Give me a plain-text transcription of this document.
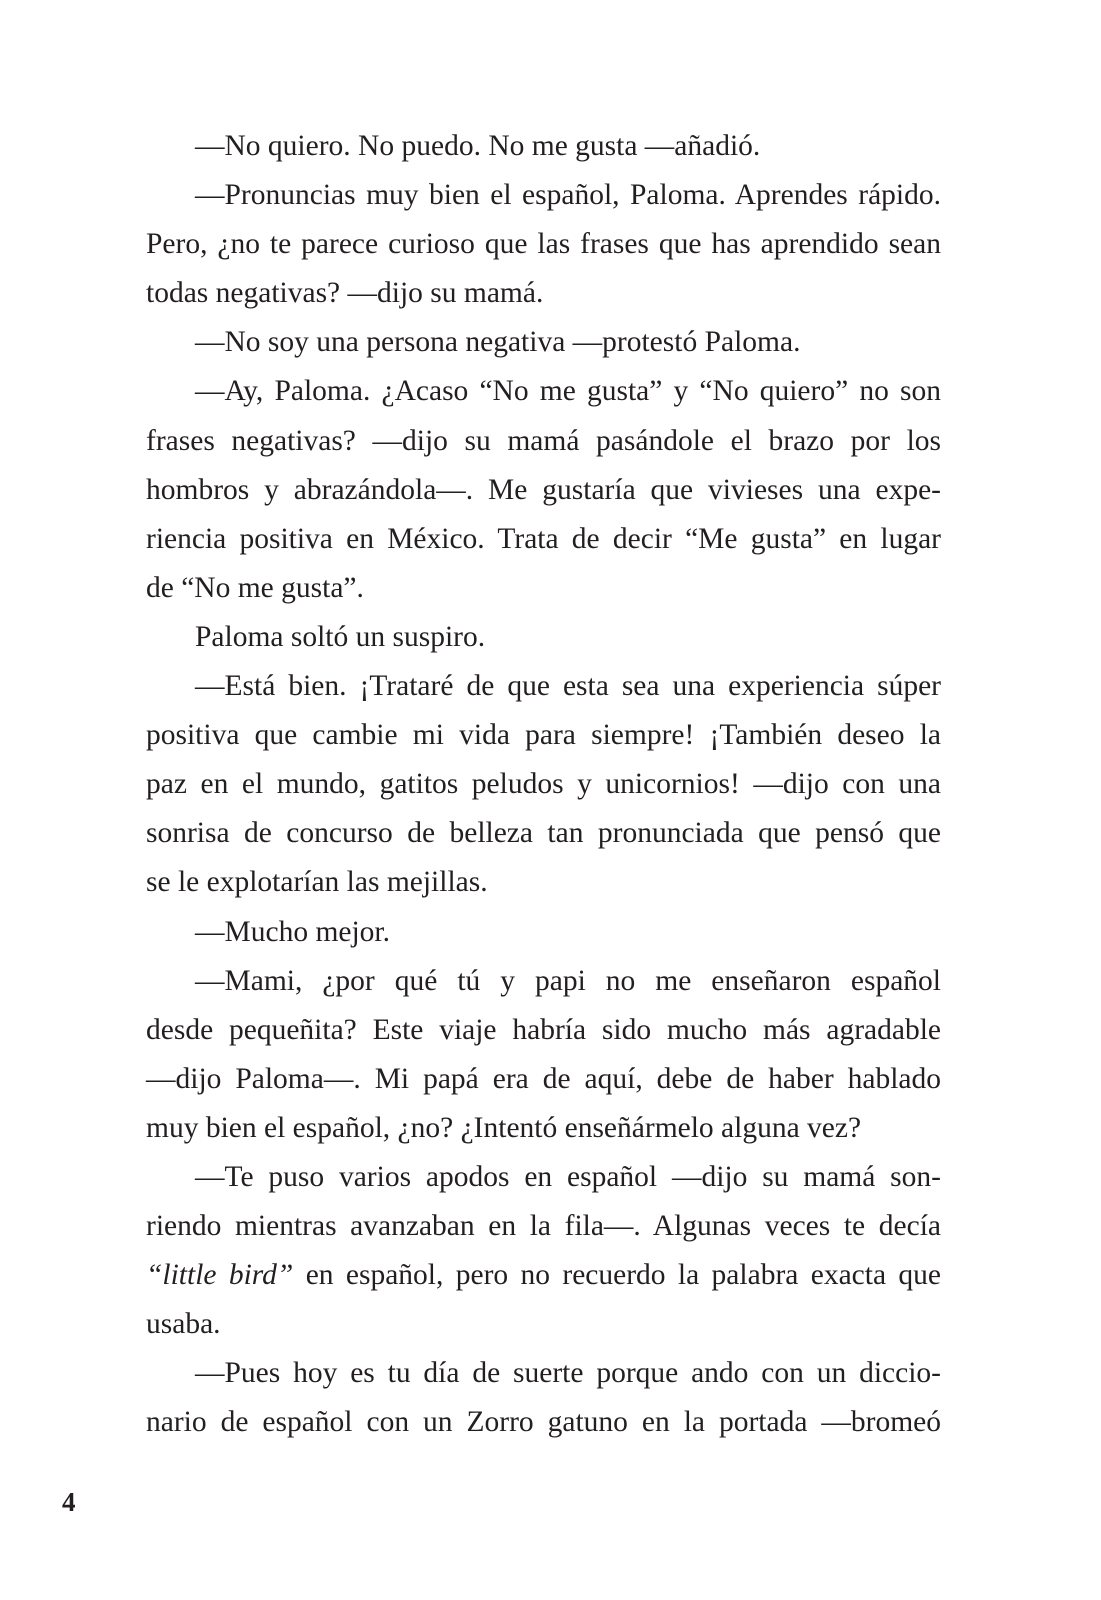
—No quiero. No puedo. No me gusta —añadió.
—Pronuncias muy bien el español, Paloma. Aprendes rápido.
Pero, ¿no te parece curioso que las frases que has aprendido sean
todas negativas? —dijo su mamá.
—No soy una persona negativa —protestó Paloma.
—Ay, Paloma. ¿Acaso “No me gusta” y “No quiero” no son
frases negativas? —dijo su mamá pasándole el brazo por los
hombros y abrazándola—. Me gustaría que vivieses una expe-
riencia positiva en México. Trata de decir “Me gusta” en lugar
de “No me gusta”.
Paloma soltó un suspiro.
—Está bien. ¡Trataré de que esta sea una experiencia súper
positiva que cambie mi vida para siempre! ¡También deseo la
paz en el mundo, gatitos peludos y unicornios! —dijo con una
sonrisa de concurso de belleza tan pronunciada que pensó que
se le explotarían las mejillas.
—Mucho mejor.
—Mami, ¿por qué tú y papi no me enseñaron español
desde pequeñita? Este viaje habría sido mucho más agradable
—dijo Paloma—. Mi papá era de aquí, debe de haber hablado
muy bien el español, ¿no? ¿Intentó enseñármelo alguna vez?
—Te puso varios apodos en español —dijo su mamá son-
riendo mientras avanzaban en la fila—. Algunas veces te decía
“little bird” en español, pero no recuerdo la palabra exacta que
usaba.
—Pues hoy es tu día de suerte porque ando con un diccio-
nario de español con un Zorro gatuno en la portada —bromeó
4
